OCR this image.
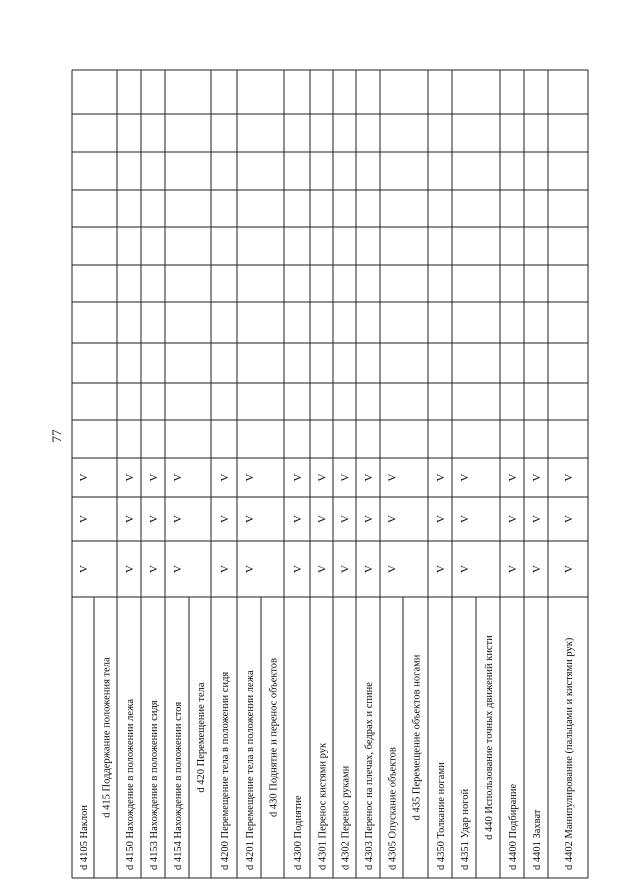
77
d 4105 Наклон
V
V
V
d 415 Поддержание положения тела d 4150 Нахождение в положении лежа
V
V
V
d 4153 Нахождение в положении сидя
V
V
V
d 4154 Нахождение в положении стоя
V
V
V
d 420 Перемещение тела d 4200 Перемещение тела в положении сидя
V
V
V
d 4201 Перемещение тела в положении лежа
V
V
V
d 430 Поднятие и перенос объектов
d 4300 Поднятие
V
V
V
d 4301 Перенос кистями рук
V
V
V
d 4302 Перенос руками
V
V
V
d 4303 Перенос на плечах, бедрах и спине
V
V
V
d 4305 Опускание объектов
V
V
V
d 435 Перемещение объектов ногами d 4350 Толкание ногами
V
V
V
d 4351 Удар ногой
V
V
V
d 440 Использование точных движений кисти d 4400 Подбирание
V
V
V
d 4401 Захват
V
V
V
d 4402 Манипулирование (пальцами и кистями рук)
V
V
V
